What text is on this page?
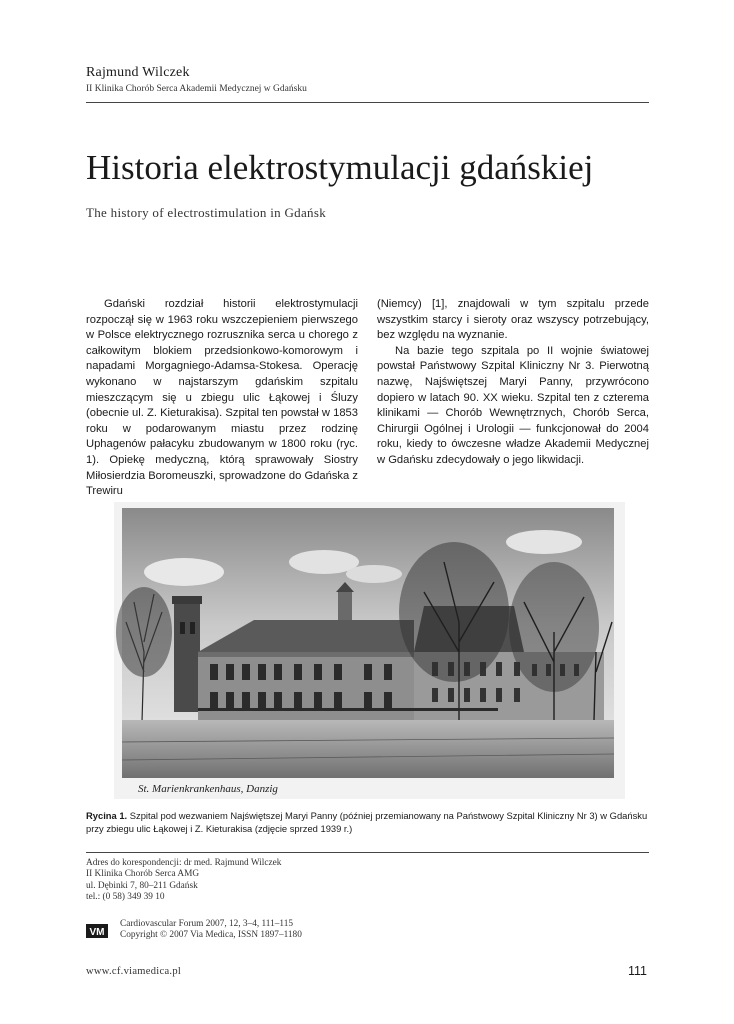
Rajmund Wilczek
II Klinika Chorób Serca Akademii Medycznej w Gdańsku
Historia elektrostymulacji gdańskiej
The history of electrostimulation in Gdańsk

Gdański rozdział historii elektrostymulacji rozpoczął się w 1963 roku wszczepieniem pierwszego w Polsce elektrycznego rozrusznika serca u chorego z całkowitym blokiem przedsionkowo-komorowym i napadami Morgagniego-Adamsa-Stokesa. Operację wykonano w najstarszym gdańskim szpitalu mieszczącym się u zbiegu ulic Łąkowej i Śluzy (obecnie ul. Z. Kieturakisa). Szpital ten powstał w 1853 roku w podarowanym miastu przez rodzinę Uphagenów pałacyku zbudowanym w 1800 roku (ryc. 1). Opiekę medyczną, którą sprawowały Siostry Miłosierdzia Boromeuszki, sprowadzone do Gdańska z Trewiru

(Niemcy) [1], znajdowali w tym szpitalu przede wszystkim starcy i sieroty oraz wszyscy potrzebujący, bez względu na wyznanie.

Na bazie tego szpitala po II wojnie światowej powstał Państwowy Szpital Kliniczny Nr 3. Pierwotną nazwę, Najświętszej Maryi Panny, przywrócono dopiero w latach 90. XX wieku. Szpital ten z czterema klinikami — Chorób Wewnętrznych, Chorób Serca, Chirurgii Ogólnej i Urologii — funkcjonował do 2004 roku, kiedy to ówczesne władze Akademii Medycznej w Gdańsku zdecydowały o jego likwidacji.

St. Marienkrankenhaus, Danzig
Rycina 1. Szpital pod wezwaniem Najświętszej Maryi Panny (później przemianowany na Państwowy Szpital Kliniczny Nr 3) w Gdańsku przy zbiegu ulic Łąkowej i Z. Kieturakisa (zdjęcie sprzed 1939 r.)
Adres do korespondencji: dr med. Rajmund Wilczek
II Klinika Chorób Serca AMG
ul. Dębinki 7, 80–211 Gdańsk
tel.: (0 58) 349 39 10
VM
Cardiovascular Forum 2007, 12, 3–4, 111–115
Copyright © 2007 Via Medica, ISSN 1897–1180
www.cf.viamedica.pl	111
